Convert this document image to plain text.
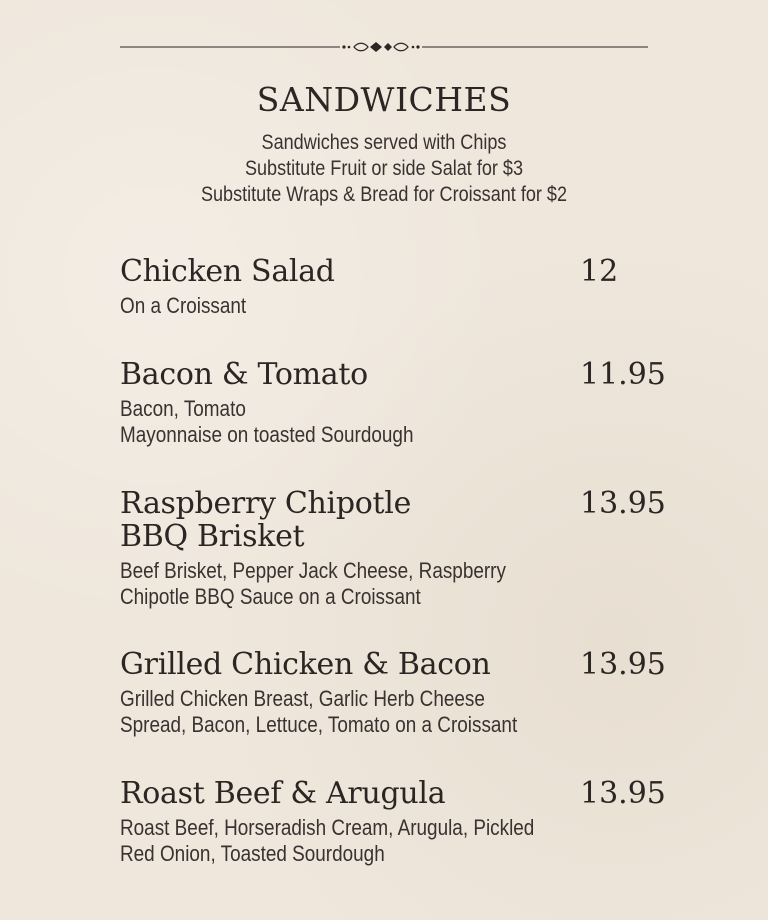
SANDWICHES
Sandwiches served with Chips
Substitute Fruit or side Salat for $3
Substitute Wraps & Bread for Croissant for $2
Chicken Salad	12
On a Croissant
Bacon & Tomato	11.95
Bacon, Tomato
Mayonnaise on toasted Sourdough
Raspberry Chipotle
BBQ Brisket
13.95
Beef Brisket, Pepper Jack Cheese, Raspberry
Chipotle BBQ Sauce on a Croissant
Grilled Chicken & Bacon	13.95
Grilled Chicken Breast, Garlic Herb Cheese
Spread, Bacon, Lettuce, Tomato on a Croissant
Roast Beef & Arugula	13.95
Roast Beef, Horseradish Cream, Arugula, Pickled
Red Onion, Toasted Sourdough
